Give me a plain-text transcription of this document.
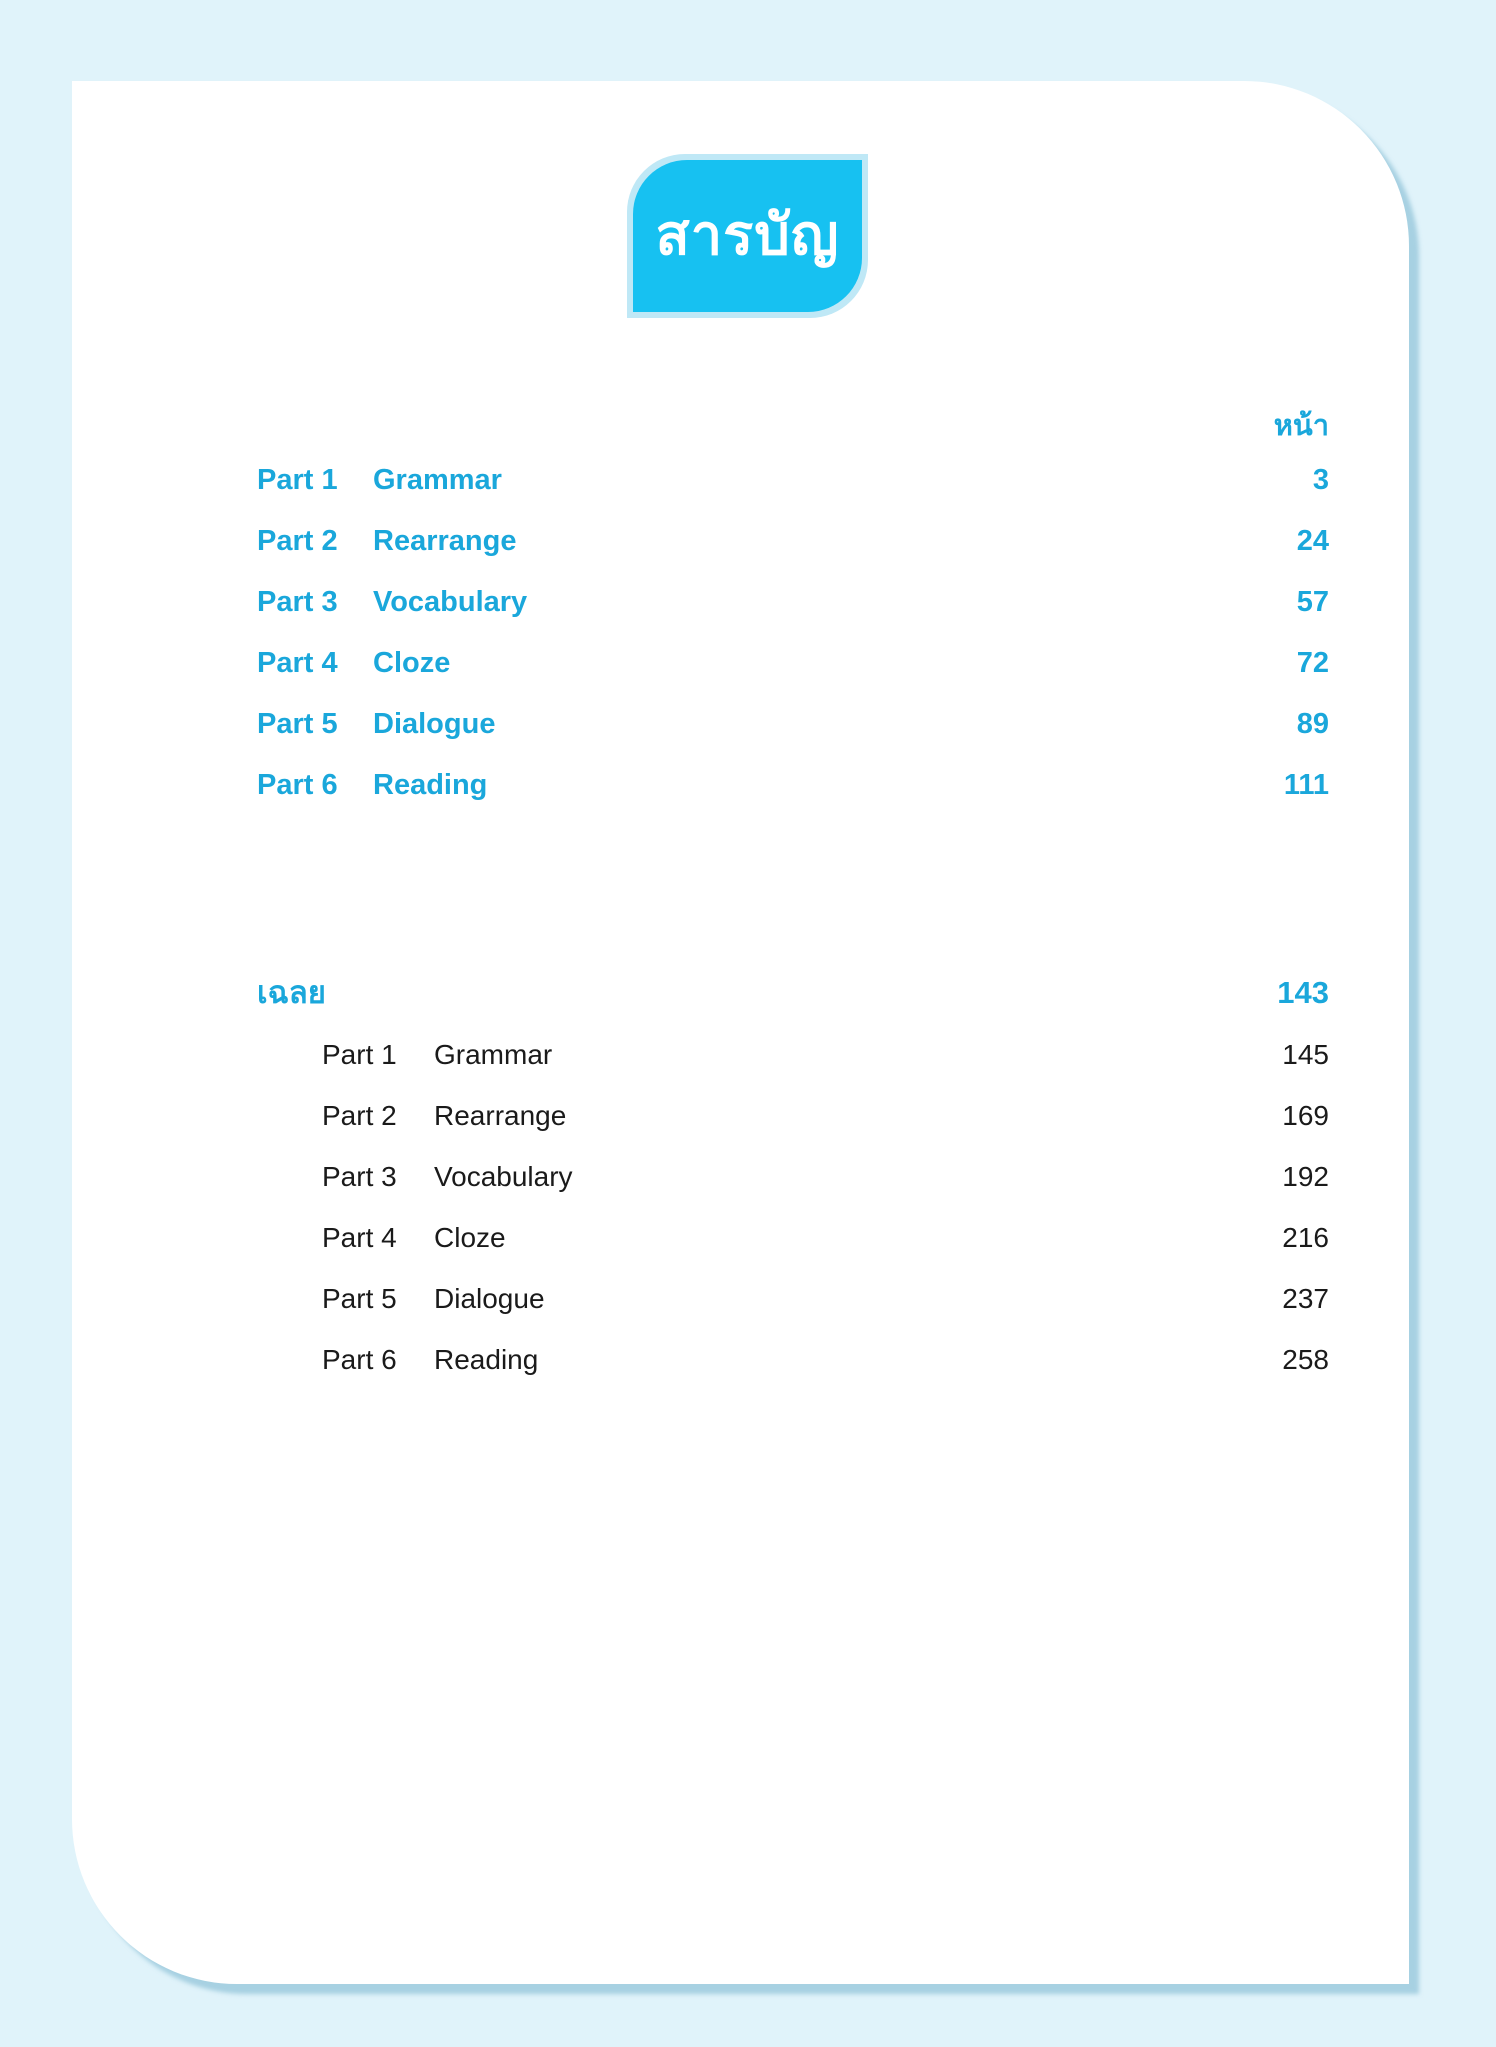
สารบัญ
หน้า
Part 1 Grammar	3
Part 2 Rearrange	24
Part 3 Vocabulary	57
Part 4 Cloze	72
Part 5 Dialogue	89
Part 6 Reading	111
เฉลย	143
Part 1 Grammar	145
Part 2 Rearrange	169
Part 3 Vocabulary	192
Part 4 Cloze	216
Part 5 Dialogue	237
Part 6 Reading	258
